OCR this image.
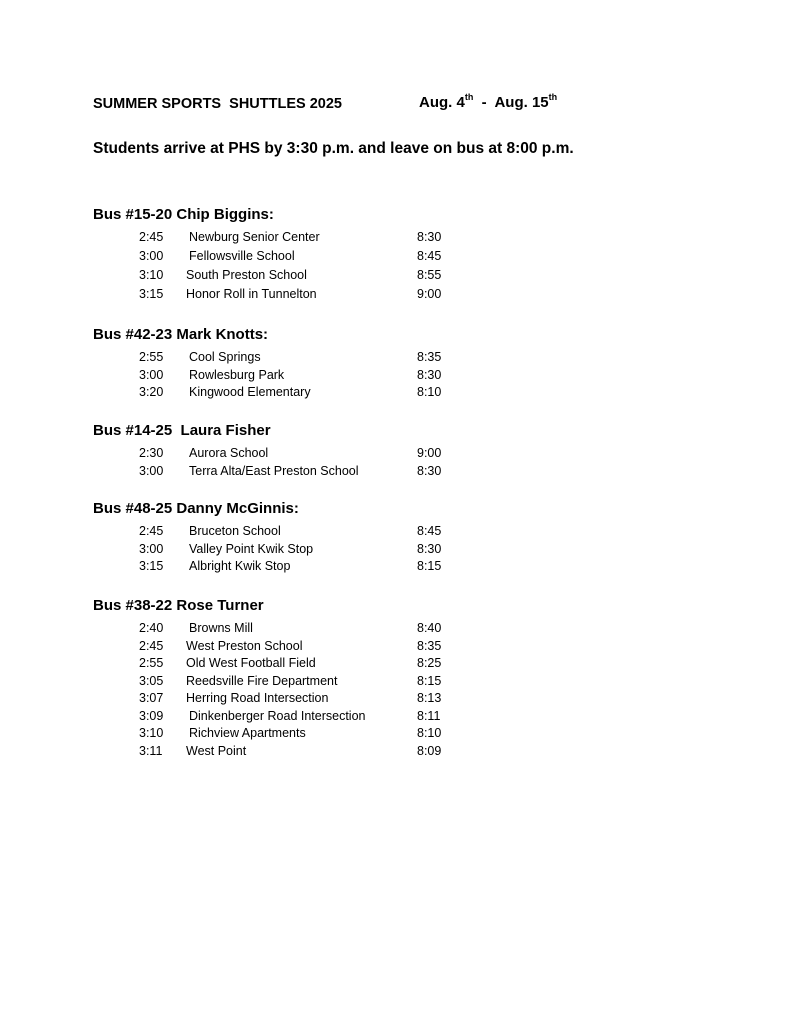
SUMMER SPORTS  SHUTTLES 2025	Aug. 4th  -  Aug. 15th
Students arrive at PHS by 3:30 p.m. and leave on bus at 8:00 p.m.
Bus #15-20 Chip Biggins:
2:45 Newburg Senior Center	8:30
3:00 Fellowsville School	8:45
3:10 South Preston School	8:55
3:15 Honor Roll in Tunnelton	9:00
Bus #42-23 Mark Knotts:
2:55 Cool Springs	8:35
3:00 Rowlesburg Park	8:30
3:20 Kingwood Elementary	8:10
Bus #14-25  Laura Fisher
2:30 Aurora School	9:00
3:00 Terra Alta/East Preston School	8:30
Bus #48-25 Danny McGinnis:
2:45 Bruceton School	8:45
3:00 Valley Point Kwik Stop	8:30
3:15 Albright Kwik Stop	8:15
Bus #38-22 Rose Turner
2:40 Browns Mill	8:40
2:45 West Preston School	8:35
2:55 Old West Football Field	8:25
3:05 Reedsville Fire Department	8:15
3:07 Herring Road Intersection	8:13
3:09 Dinkenberger Road Intersection	8:11
3:10 Richview Apartments	8:10
3:11 West Point	8:09
